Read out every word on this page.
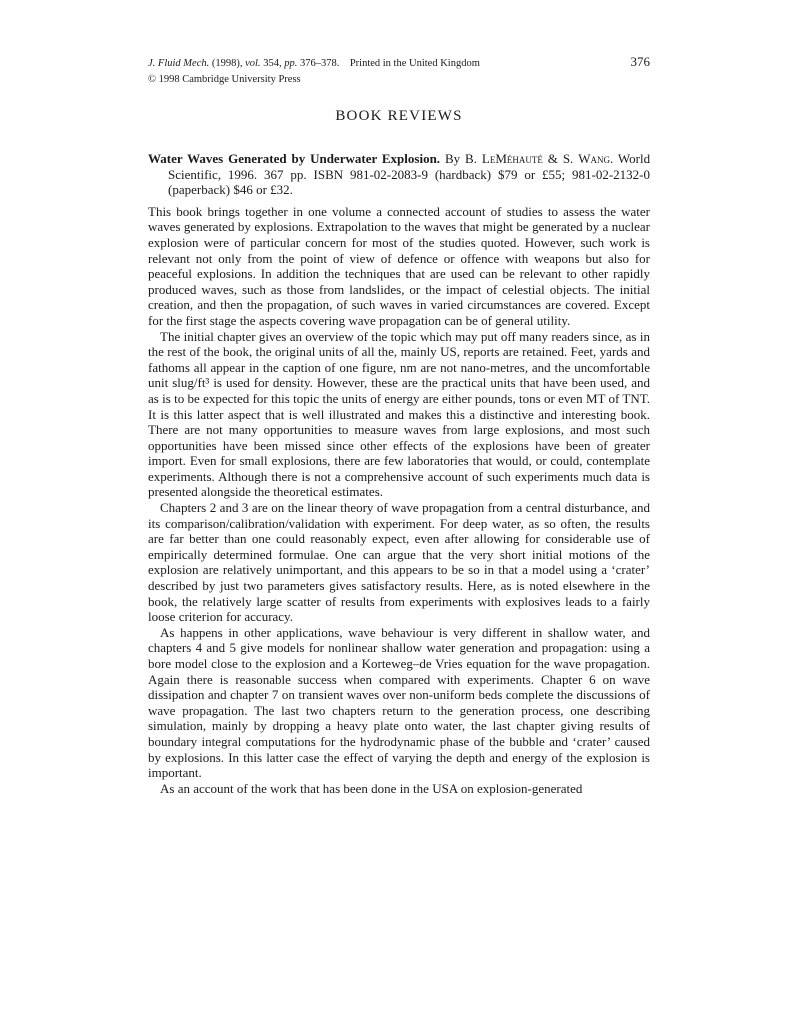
J. Fluid Mech. (1998), vol. 354, pp. 376–378. Printed in the United Kingdom	376
© 1998 Cambridge University Press
BOOK REVIEWS
Water Waves Generated by Underwater Explosion. By B. LeMéhauté & S. Wang. World Scientific, 1996. 367 pp. ISBN 981-02-2083-9 (hardback) $79 or £55; 981-02-2132-0 (paperback) $46 or £32.

This book brings together in one volume a connected account of studies to assess the water waves generated by explosions. Extrapolation to the waves that might be generated by a nuclear explosion were of particular concern for most of the studies quoted. However, such work is relevant not only from the point of view of defence or offence with weapons but also for peaceful explosions. In addition the techniques that are used can be relevant to other rapidly produced waves, such as those from landslides, or the impact of celestial objects. The initial creation, and then the propagation, of such waves in varied circumstances are covered. Except for the first stage the aspects covering wave propagation can be of general utility.

The initial chapter gives an overview of the topic which may put off many readers since, as in the rest of the book, the original units of all the, mainly US, reports are retained. Feet, yards and fathoms all appear in the caption of one figure, nm are not nano-metres, and the uncomfortable unit slug/ft³ is used for density. However, these are the practical units that have been used, and as is to be expected for this topic the units of energy are either pounds, tons or even MT of TNT. It is this latter aspect that is well illustrated and makes this a distinctive and interesting book. There are not many opportunities to measure waves from large explosions, and most such opportunities have been missed since other effects of the explosions have been of greater import. Even for small explosions, there are few laboratories that would, or could, contemplate experiments. Although there is not a comprehensive account of such experiments much data is presented alongside the theoretical estimates.

Chapters 2 and 3 are on the linear theory of wave propagation from a central disturbance, and its comparison/calibration/validation with experiment. For deep water, as so often, the results are far better than one could reasonably expect, even after allowing for considerable use of empirically determined formulae. One can argue that the very short initial motions of the explosion are relatively unimportant, and this appears to be so in that a model using a ‘crater’ described by just two parameters gives satisfactory results. Here, as is noted elsewhere in the book, the relatively large scatter of results from experiments with explosives leads to a fairly loose criterion for accuracy.

As happens in other applications, wave behaviour is very different in shallow water, and chapters 4 and 5 give models for nonlinear shallow water generation and propagation: using a bore model close to the explosion and a Korteweg–de Vries equation for the wave propagation. Again there is reasonable success when compared with experiments. Chapter 6 on wave dissipation and chapter 7 on transient waves over non-uniform beds complete the discussions of wave propagation. The last two chapters return to the generation process, one describing simulation, mainly by dropping a heavy plate onto water, the last chapter giving results of boundary integral computations for the hydrodynamic phase of the bubble and ‘crater’ caused by explosions. In this latter case the effect of varying the depth and energy of the explosion is important.

As an account of the work that has been done in the USA on explosion-generated
